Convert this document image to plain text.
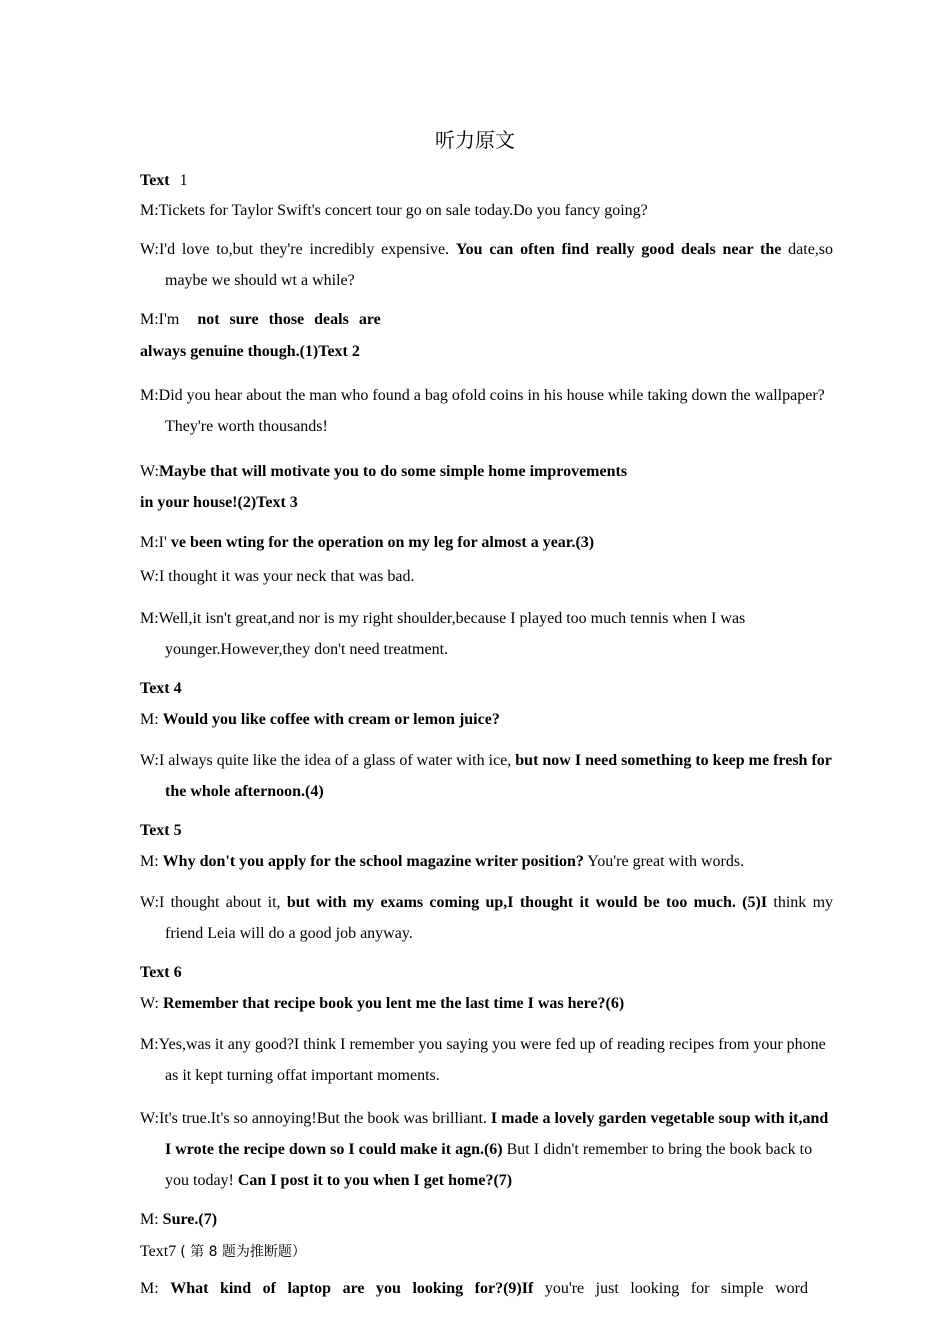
听力原文
Text 1
M:Tickets for Taylor Swift's concert tour go on sale today.Do you fancy going?
W:I'd love to,but they're incredibly expensive. You can often find really good deals near the date,so maybe we should wt a while?
M:I'm not sure those deals are
always genuine though.(1)Text 2
M:Did you hear about the man who found a bag ofold coins in his house while taking down the wallpaper?They're worth thousands!
W:Maybe that will motivate you to do some simple home improvements
in your house!(2)Text 3
M:I' ve been wting for the operation on my leg for almost a year.(3)
W:I thought it was your neck that was bad.
M:Well,it isn't great,and nor is my right shoulder,because I played too much tennis when I was younger.However,they don't need treatment.
Text 4
M: Would you like coffee with cream or lemon juice?
W:I always quite like the idea of a glass of water with ice, but now I need something to keep me fresh for the whole afternoon.(4)
Text 5
M: Why don't you apply for the school magazine writer position? You're great with words.
W:I thought about it, but with my exams coming up,I thought it would be too much. (5)I think my friend Leia will do a good job anyway.
Text 6
W: Remember that recipe book you lent me the last time I was here?(6)
M:Yes,was it any good?I think I remember you saying you were fed up of reading recipes from your phone as it kept turning offat important moments.
W:It's true.It's so annoying!But the book was brilliant. I made a lovely garden vegetable soup with it,and I wrote the recipe down so I could make it agn.(6) But I didn't remember to bring the book back to you today! Can I post it to you when I get home?(7)
M: Sure.(7)
Text7 ( 第 8 题为推断题）
M: What kind of laptop are you looking for?(9)If you're just looking for simple word
